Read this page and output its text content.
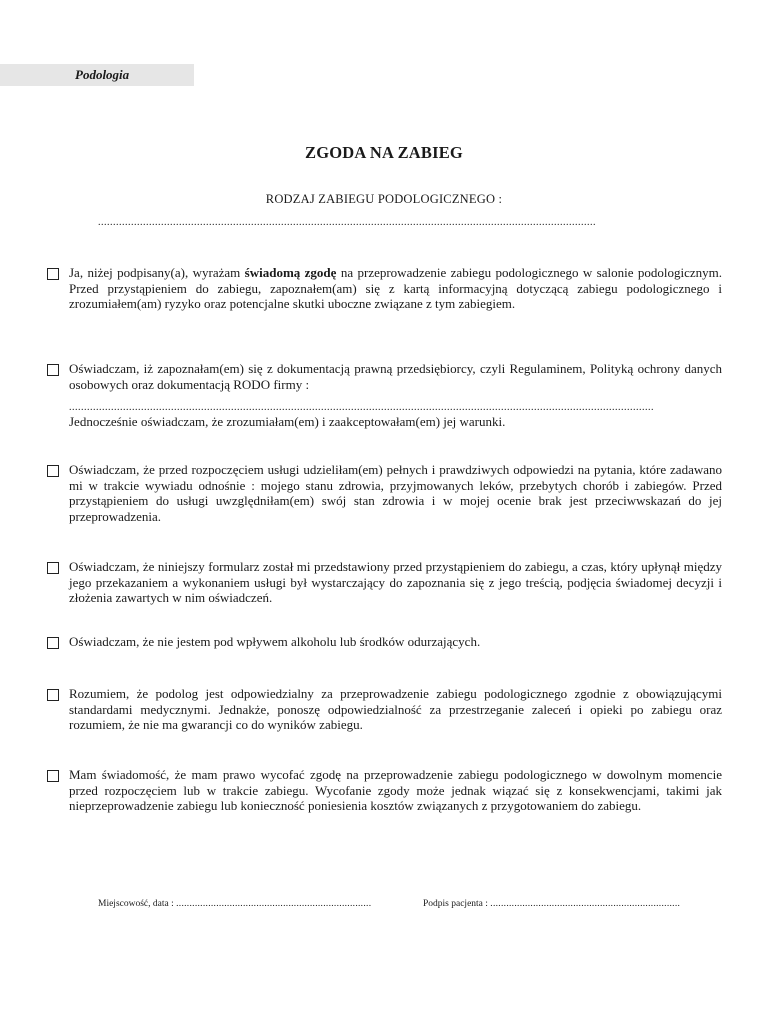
Podologia
ZGODA NA ZABIEG
RODZAJ ZABIEGU PODOLOGICZNEGO :
......................................................................................................................................................................
Ja, niżej podpisany(a), wyrażam świadomą zgodę na przeprowadzenie zabiegu podologicznego w salonie podologicznym. Przed przystąpieniem do zabiegu, zapoznałem(am) się z kartą informacyjną dotyczącą zabiegu podologicznego i zrozumiałem(am) ryzyko oraz potencjalne skutki uboczne związane z tym zabiegiem.
Oświadczam, iż zapoznałam(em) się z dokumentacją prawną przedsiębiorcy, czyli Regulaminem, Polityką ochrony danych osobowych oraz dokumentacją RODO firmy :
...................................................................................................................................................................................................
Jednocześnie oświadczam, że zrozumiałam(em) i zaakceptowałam(em) jej warunki.
Oświadczam, że przed rozpoczęciem usługi udzieliłam(em) pełnych i prawdziwych odpowiedzi na pytania, które zadawano mi w trakcie wywiadu odnośnie : mojego stanu zdrowia, przyjmowanych leków, przebytych chorób i zabiegów. Przed przystąpieniem do usługi uwzględniłam(em) swój stan zdrowia i w mojej ocenie brak jest przeciwwskazań do jej przeprowadzenia.
Oświadczam, że niniejszy formularz został mi przedstawiony przed przystąpieniem do zabiegu, a czas, który upłynął między jego przekazaniem a wykonaniem usługi był wystarczający do zapoznania się z jego treścią, podjęcia świadomej decyzji i złożenia zawartych w nim oświadczeń.
Oświadczam, że nie jestem pod wpływem alkoholu lub środków odurzających.
Rozumiem, że podolog jest odpowiedzialny za przeprowadzenie zabiegu podologicznego zgodnie z obowiązującymi standardami medycznymi. Jednakże, ponoszę odpowiedzialność za przestrzeganie zaleceń i opieki po zabiegu oraz rozumiem, że nie ma gwarancji co do wyników zabiegu.
Mam świadomość, że mam prawo wycofać zgodę na przeprowadzenie zabiegu podologicznego w dowolnym momencie przed rozpoczęciem lub w trakcie zabiegu. Wycofanie zgody może jednak wiązać się z konsekwencjami, takimi jak nieprzeprowadzenie zabiegu lub konieczność poniesienia kosztów związanych z przygotowaniem do zabiegu.
Miejscowość, data : .........................................................................	Podpis pacjenta : .......................................................................
